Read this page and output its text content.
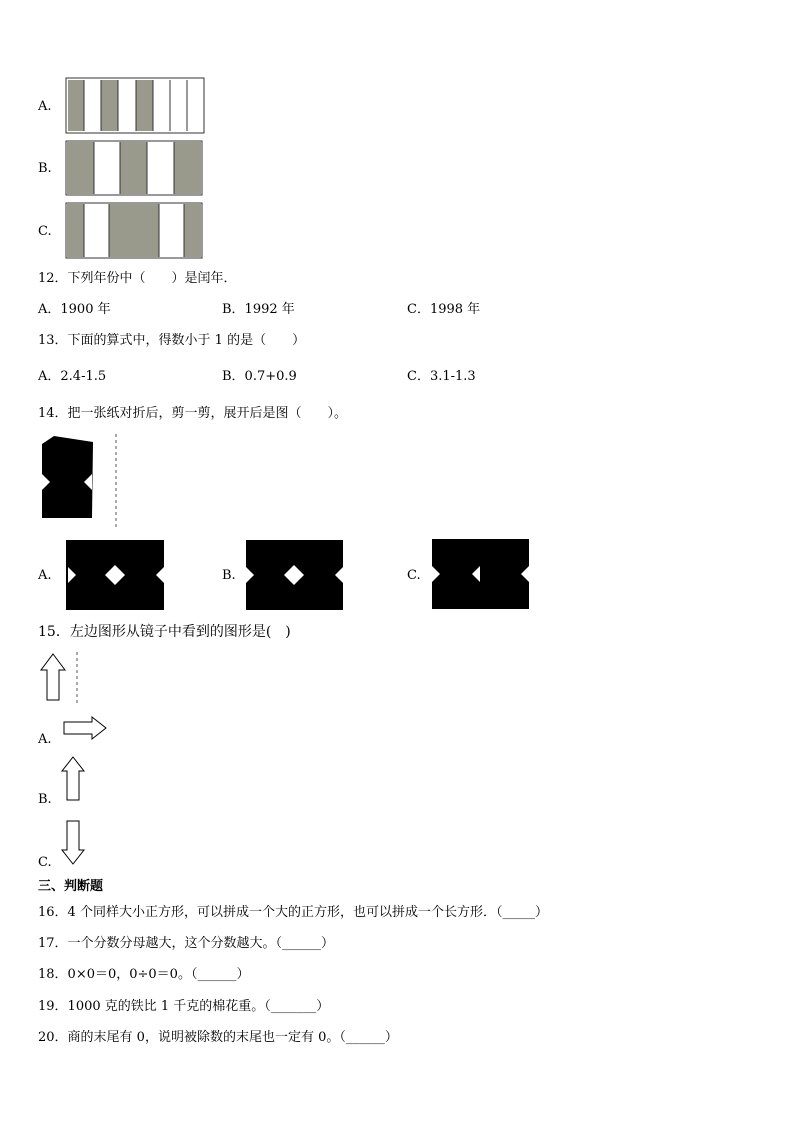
A.
B.
C.
12．下列年份中（　　）是闰年．
A．1900 年	B．1992 年	C．1998 年
13．下面的算式中，得数小于 1 的是（　　）
A．2.4-1.5	B．0.7+0.9	C．3.1-1.3
14．把一张纸对折后，剪一剪，展开后是图（　　）。
A.	B.	C.
15．左边图形从镜子中看到的图形是(　)
A.
B.
C.
三、判断题
16．4 个同样大小正方形，可以拼成一个大的正方形，也可以拼成一个长方形．（_____）
17．一个分数分母越大，这个分数越大。（______）
18．0×0＝0，0÷0＝0。（______）
19．1000 克的铁比 1 千克的棉花重。（_______）
20．商的末尾有 0，说明被除数的末尾也一定有 0。（______）
